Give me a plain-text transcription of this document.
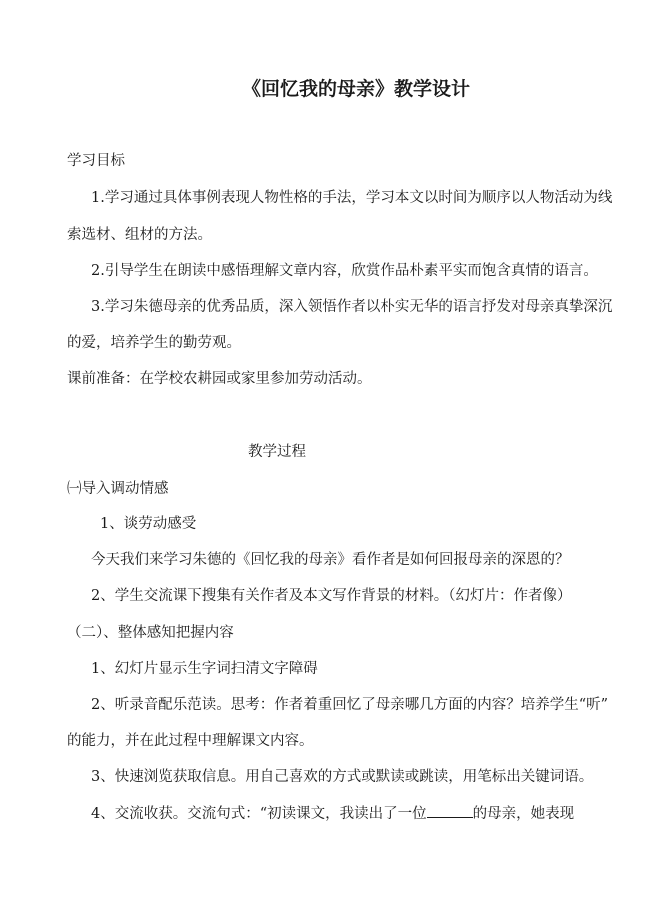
《回忆我的母亲》教学设计
学习目标
1.学习通过具体事例表现人物性格的手法，学习本文以时间为顺序以人物活动为线
索选材、组材的方法。
2.引导学生在朗读中感悟理解文章内容，欣赏作品朴素平实而饱含真情的语言。
3.学习朱德母亲的优秀品质，深入领悟作者以朴实无华的语言抒发对母亲真挚深沉
的爱，培养学生的勤劳观。
课前准备：在学校农耕园或家里参加劳动活动。
教学过程
㈠导入调动情感
1、谈劳动感受
今天我们来学习朱德的《回忆我的母亲》看作者是如何回报母亲的深恩的？
2、学生交流课下搜集有关作者及本文写作背景的材料。（幻灯片：作者像）
（二）、整体感知把握内容
1、幻灯片显示生字词扫清文字障碍
2、听录音配乐范读。思考：作者着重回忆了母亲哪几方面的内容？培养学生“听”
的能力，并在此过程中理解课文内容。
3、快速浏览获取信息。用自己喜欢的方式或默读或跳读，用笔标出关键词语。
4、交流收获。交流句式：“初读课文，我读出了一位	的母亲，她表现
